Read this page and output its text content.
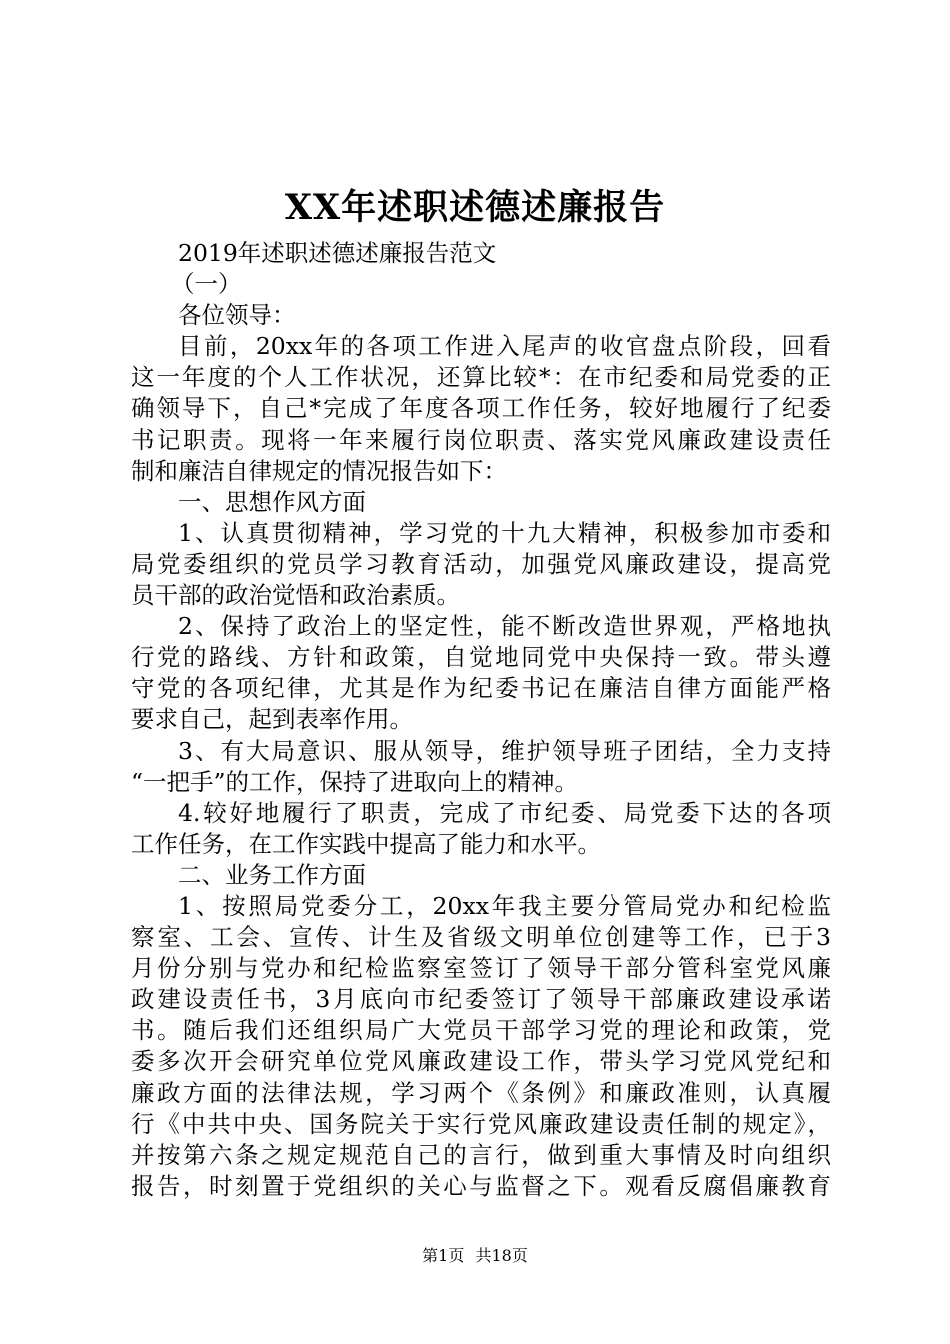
XX年述职述德述廉报告
2019年述职述德述廉报告范文
（一）
各位领导：
目前，20xx年的各项工作进入尾声的收官盘点阶段，回看
这一年度的个人工作状况，还算比较*：在市纪委和局党委的正
确领导下，自己*完成了年度各项工作任务，较好地履行了纪委
书记职责。现将一年来履行岗位职责、落实党风廉政建设责任
制和廉洁自律规定的情况报告如下：
一、思想作风方面
1、认真贯彻精神，学习党的十九大精神，积极参加市委和
局党委组织的党员学习教育活动，加强党风廉政建设，提高党
员干部的政治觉悟和政治素质。
2、保持了政治上的坚定性，能不断改造世界观，严格地执
行党的路线、方针和政策，自觉地同党中央保持一致。带头遵
守党的各项纪律，尤其是作为纪委书记在廉洁自律方面能严格
要求自己，起到表率作用。
3、有大局意识、服从领导，维护领导班子团结，全力支持
“一把手”的工作，保持了进取向上的精神。
4.较好地履行了职责，完成了市纪委、局党委下达的各项
工作任务，在工作实践中提高了能力和水平。
二、业务工作方面
1、按照局党委分工，20xx年我主要分管局党办和纪检监
察室、工会、宣传、计生及省级文明单位创建等工作，已于3
月份分别与党办和纪检监察室签订了领导干部分管科室党风廉
政建设责任书，3月底向市纪委签订了领导干部廉政建设承诺
书。随后我们还组织局广大党员干部学习党的理论和政策，党
委多次开会研究单位党风廉政建设工作，带头学习党风党纪和
廉政方面的法律法规，学习两个《条例》和廉政准则，认真履
行《中共中央、国务院关于实行党风廉政建设责任制的规定》，
并按第六条之规定规范自己的言行，做到重大事情及时向组织
报告，时刻置于党组织的关心与监督之下。观看反腐倡廉教育
第1页 共18页
